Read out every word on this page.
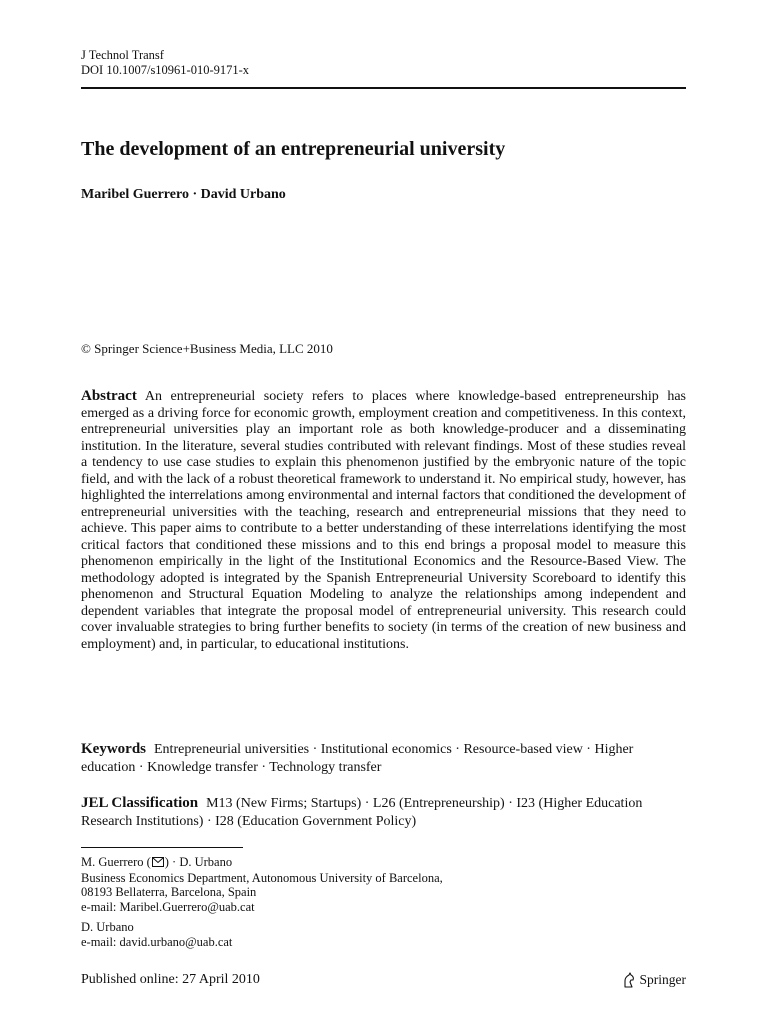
J Technol Transf
DOI 10.1007/s10961-010-9171-x
The development of an entrepreneurial university
Maribel Guerrero · David Urbano
© Springer Science+Business Media, LLC 2010
Abstract An entrepreneurial society refers to places where knowledge-based entrepreneurship has emerged as a driving force for economic growth, employment creation and competitiveness. In this context, entrepreneurial universities play an important role as both knowledge-producer and a disseminating institution. In the literature, several studies contributed with relevant findings. Most of these studies reveal a tendency to use case studies to explain this phenomenon justified by the embryonic nature of the topic field, and with the lack of a robust theoretical framework to understand it. No empirical study, however, has highlighted the interrelations among environmental and internal factors that conditioned the development of entrepreneurial universities with the teaching, research and entrepreneurial missions that they need to achieve. This paper aims to contribute to a better understanding of these interrelations identifying the most critical factors that conditioned these missions and to this end brings a proposal model to measure this phenomenon empirically in the light of the Institutional Economics and the Resource-Based View. The methodology adopted is integrated by the Spanish Entrepreneurial University Scoreboard to identify this phenomenon and Structural Equation Modeling to analyze the relationships among independent and dependent variables that integrate the proposal model of entrepreneurial university. This research could cover invaluable strategies to bring further benefits to society (in terms of the creation of new business and employment) and, in particular, to educational institutions.
Keywords Entrepreneurial universities · Institutional economics · Resource-based view · Higher education · Knowledge transfer · Technology transfer
JEL Classification M13 (New Firms; Startups) · L26 (Entrepreneurship) · I23 (Higher Education Research Institutions) · I28 (Education Government Policy)
M. Guerrero ( ) · D. Urbano
Business Economics Department, Autonomous University of Barcelona,
08193 Bellaterra, Barcelona, Spain
e-mail: Maribel.Guerrero@uab.cat
D. Urbano
e-mail: david.urbano@uab.cat
Published online: 27 April 2010	Springer
